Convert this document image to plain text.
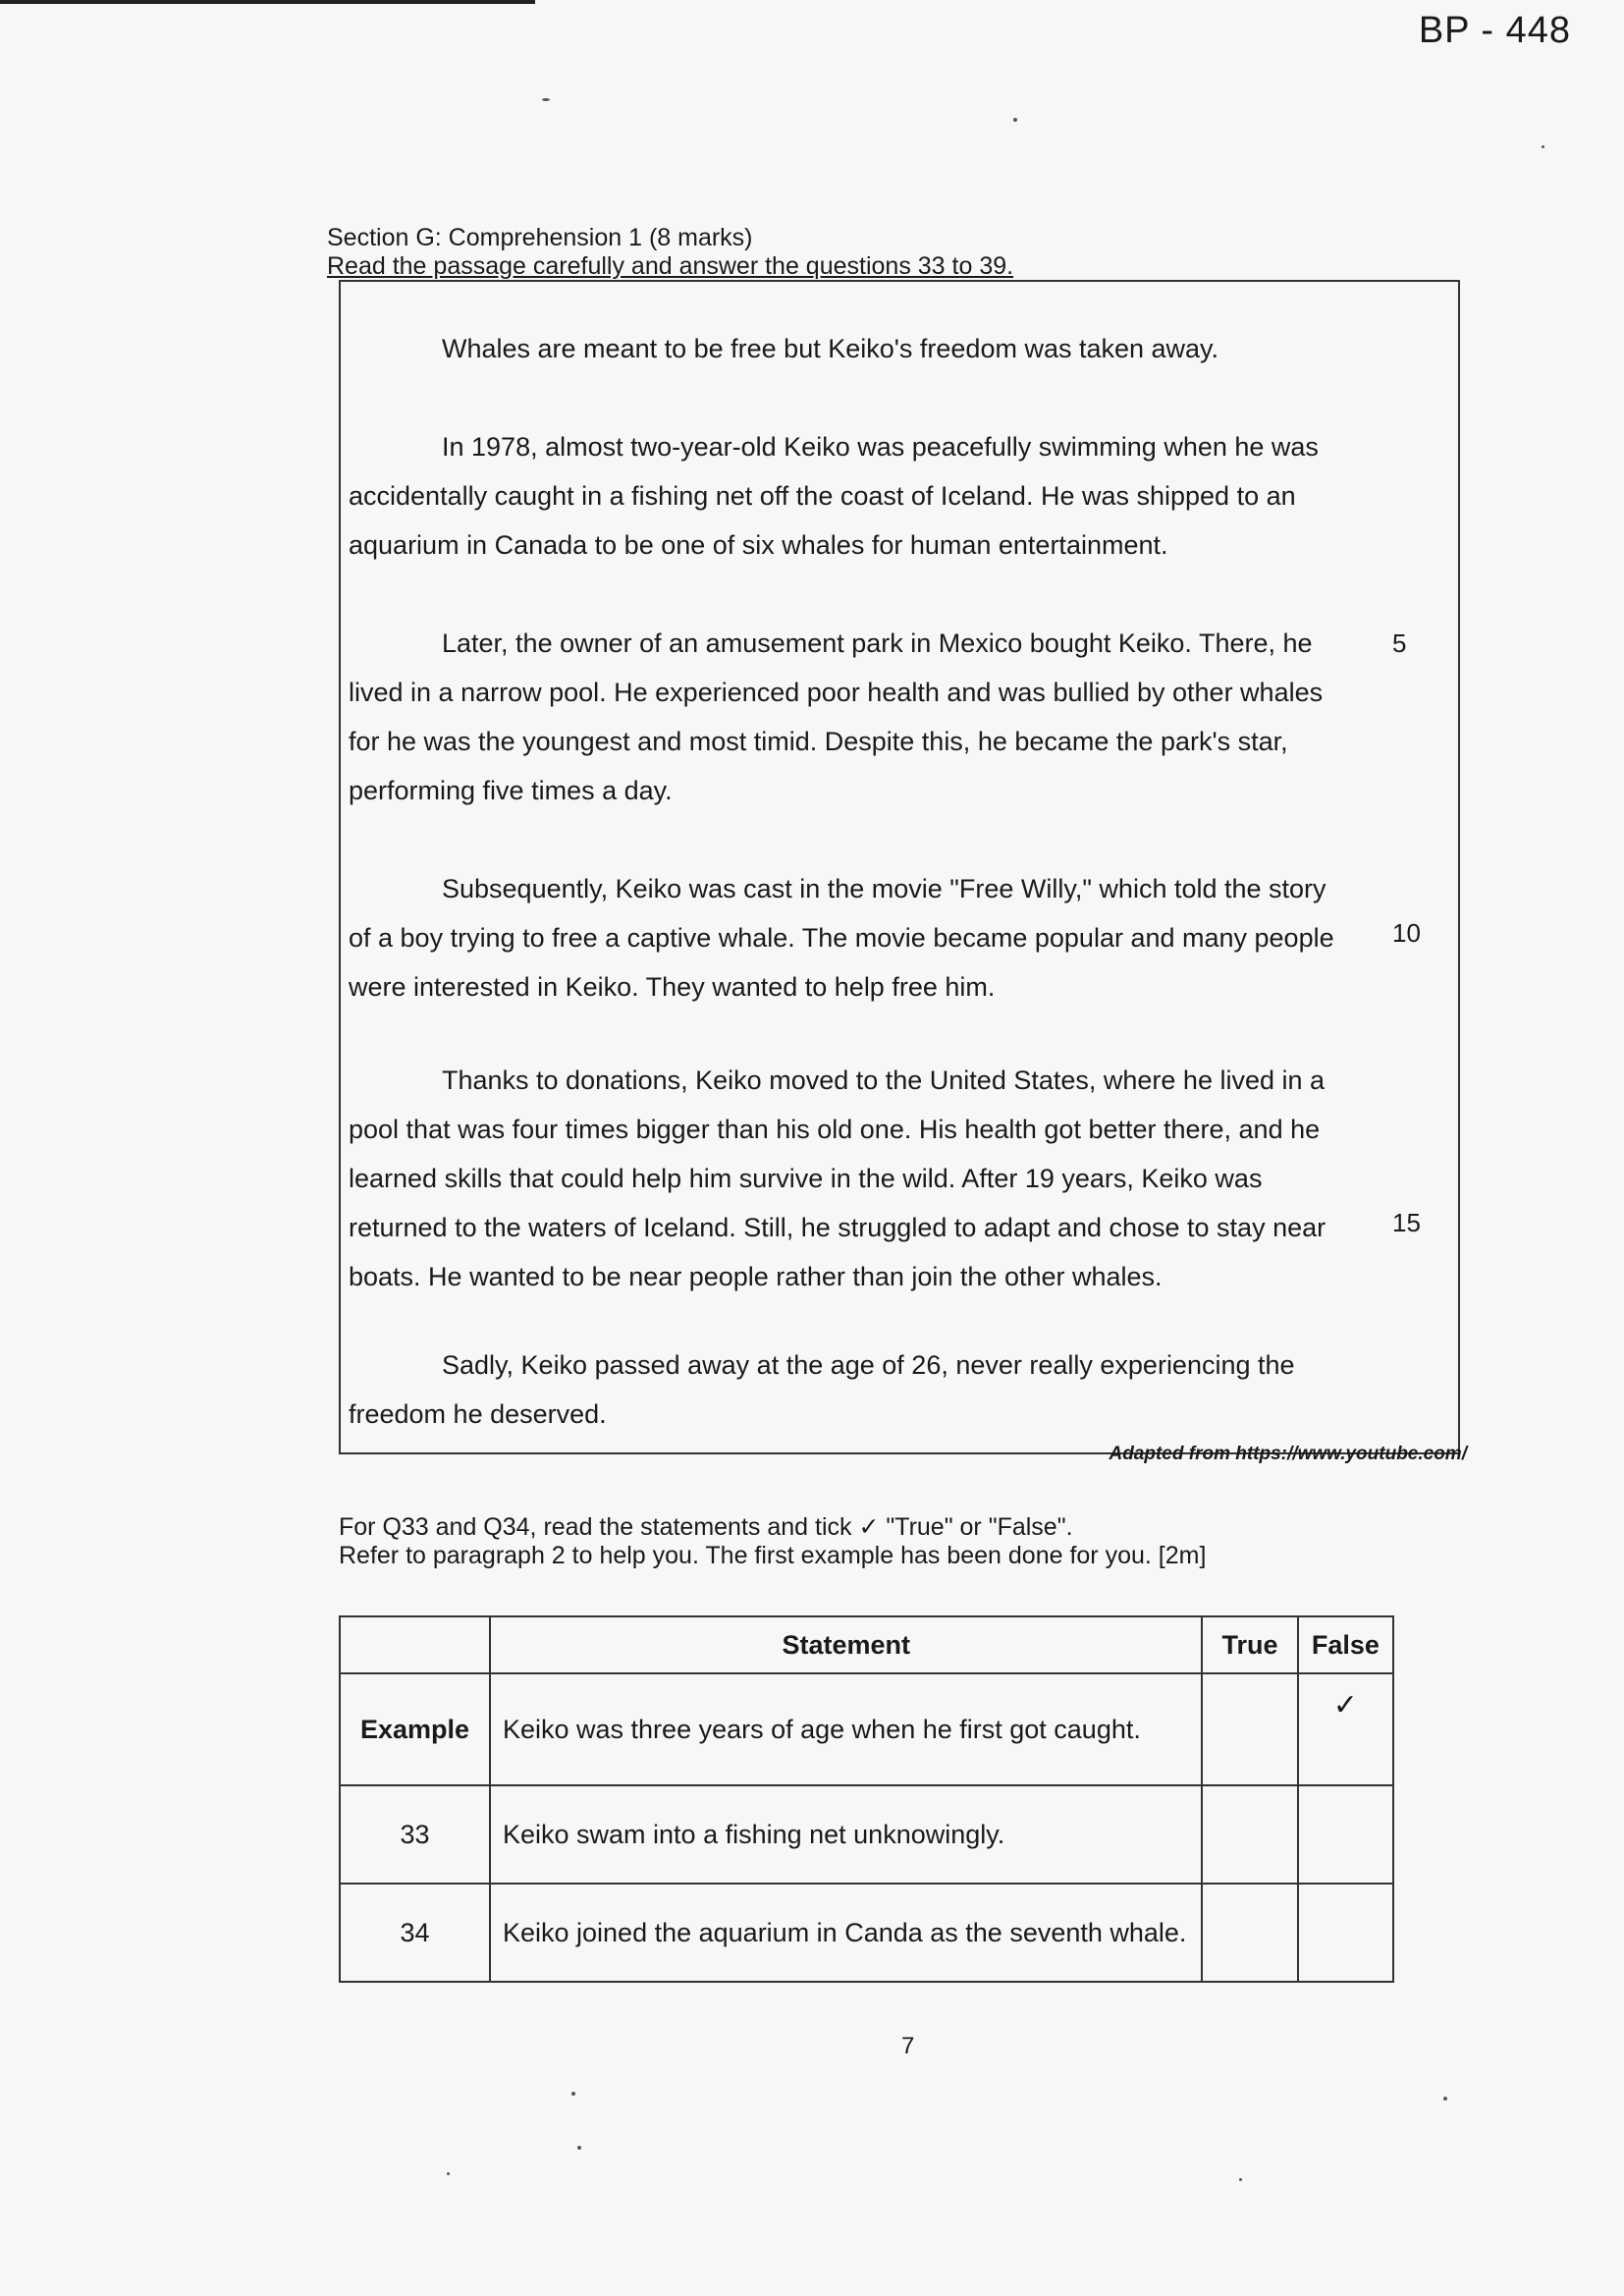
BP - 448
Section G: Comprehension 1 (8 marks)
Read the passage carefully and answer the questions 33 to 39.

Whales are meant to be free but Keiko's freedom was taken away.

In 1978, almost two-year-old Keiko was peacefully swimming when he was accidentally caught in a fishing net off the coast of Iceland. He was shipped to an aquarium in Canada to be one of six whales for human entertainment.

Later, the owner of an amusement park in Mexico bought Keiko. There, he lived in a narrow pool. He experienced poor health and was bullied by other whales for he was the youngest and most timid. Despite this, he became the park's star, performing five times a day.

Subsequently, Keiko was cast in the movie "Free Willy," which told the story of a boy trying to free a captive whale. The movie became popular and many people were interested in Keiko. They wanted to help free him.

Thanks to donations, Keiko moved to the United States, where he lived in a pool that was four times bigger than his old one. His health got better there, and he learned skills that could help him survive in the wild. After 19 years, Keiko was returned to the waters of Iceland. Still, he struggled to adapt and chose to stay near boats. He wanted to be near people rather than join the other whales.

Sadly, Keiko passed away at the age of 26, never really experiencing the freedom he deserved.

5
10
15
Adapted from https://www.youtube.com/
For Q33 and Q34, read the statements and tick ✓ "True" or "False".
Refer to paragraph 2 to help you. The first example has been done for you. [2m]
	Statement	True	False
Example	Keiko was three years of age when he first got caught.		✓
33	Keiko swam into a fishing net unknowingly.		
34	Keiko joined the aquarium in Canda as the seventh whale.		
7
